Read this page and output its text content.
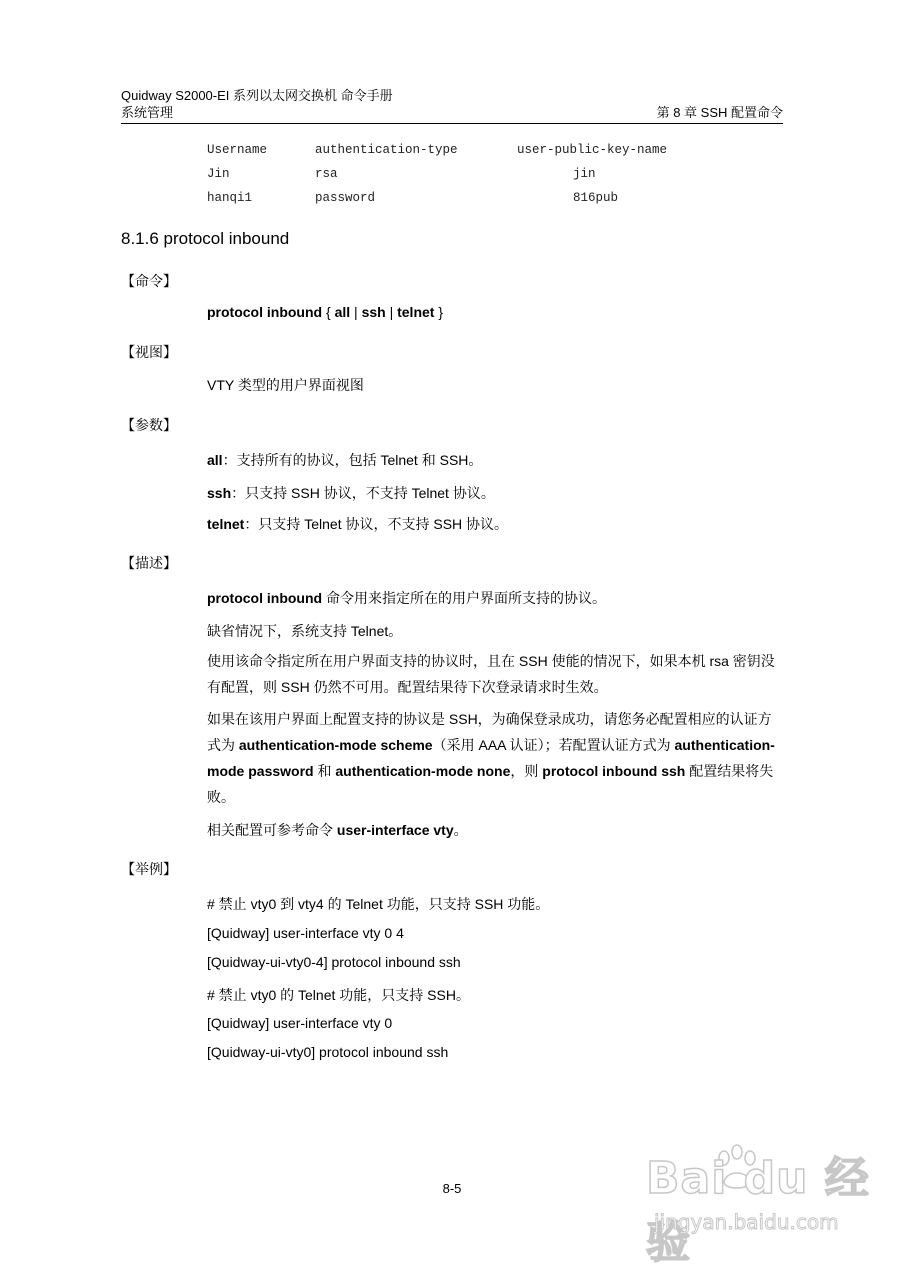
Quidway S2000-EI 系列以太网交换机 命令手册
系统管理	第 8 章 SSH 配置命令
Username	authentication-type	user-public-key-name
Jin	rsa	jin
hanqi1	password	816pub
8.1.6 protocol inbound
【命令】
protocol inbound { all | ssh | telnet }
【视图】
VTY 类型的用户界面视图
【参数】
all：支持所有的协议，包括 Telnet 和 SSH。
ssh：只支持 SSH 协议，不支持 Telnet 协议。
telnet：只支持 Telnet 协议，不支持 SSH 协议。
【描述】
protocol inbound 命令用来指定所在的用户界面所支持的协议。
缺省情况下，系统支持 Telnet。
使用该命令指定所在用户界面支持的协议时，且在 SSH 使能的情况下，如果本机 rsa 密钥没有配置，则 SSH 仍然不可用。配置结果待下次登录请求时生效。
如果在该用户界面上配置支持的协议是 SSH，为确保登录成功，请您务必配置相应的认证方式为 authentication-mode scheme（采用 AAA 认证）；若配置认证方式为 authentication-mode password 和 authentication-mode none，则 protocol inbound ssh 配置结果将失败。
相关配置可参考命令 user-interface vty。
【举例】
# 禁止 vty0 到 vty4 的 Telnet 功能，只支持 SSH 功能。
[Quidway] user-interface vty 0 4
[Quidway-ui-vty0-4] protocol inbound ssh
# 禁止 vty0 的 Telnet 功能，只支持 SSH。
[Quidway] user-interface vty 0
[Quidway-ui-vty0] protocol inbound ssh
8-5	Bai du 经验
jingyan.baidu.com
